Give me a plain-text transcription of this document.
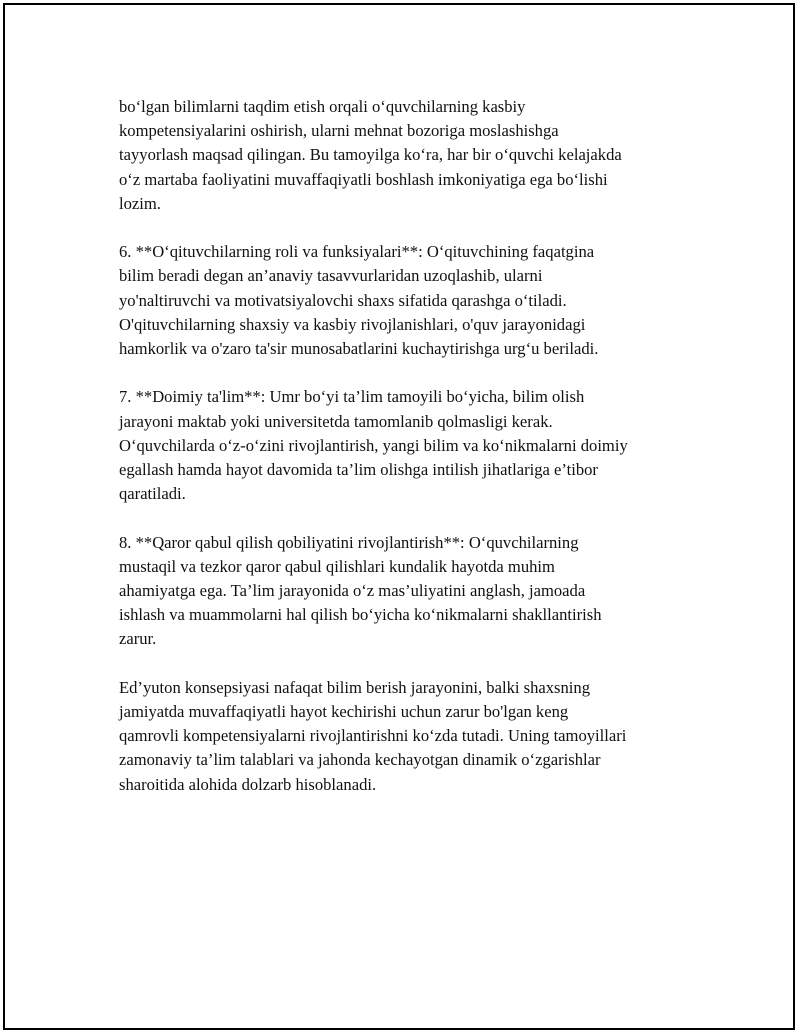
bo‘lgan bilimlarni taqdim etish orqali o‘quvchilarning kasbiy
kompetensiyalarini oshirish, ularni mehnat bozoriga moslashishga
tayyorlash maqsad qilingan. Bu tamoyilga ko‘ra, har bir o‘quvchi kelajakda
o‘z martaba faoliyatini muvaffaqiyatli boshlash imkoniyatiga ega bo‘lishi
lozim.

6. **O‘qituvchilarning roli va funksiyalari**: O‘qituvchining faqatgina
bilim beradi degan an’anaviy tasavvurlaridan uzoqlashib, ularni
yo'naltiruvchi va motivatsiyalovchi shaxs sifatida qarashga o‘tiladi.
O'qituvchilarning shaxsiy va kasbiy rivojlanishlari, o'quv jarayonidagi
hamkorlik va o'zaro ta'sir munosabatlarini kuchaytirishga urg‘u beriladi.

7. **Doimiy ta'lim**: Umr bo‘yi ta’lim tamoyili bo‘yicha, bilim olish
jarayoni maktab yoki universitetda tamomlanib qolmasligi kerak.
O‘quvchilarda o‘z-o‘zini rivojlantirish, yangi bilim va ko‘nikmalarni doimiy
egallash hamda hayot davomida ta’lim olishga intilish jihatlariga e’tibor
qaratiladi.

8. **Qaror qabul qilish qobiliyatini rivojlantirish**: O‘quvchilarning
mustaqil va tezkor qaror qabul qilishlari kundalik hayotda muhim
ahamiyatga ega. Ta’lim jarayonida o‘z mas’uliyatini anglash, jamoada
ishlash va muammolarni hal qilish bo‘yicha ko‘nikmalarni shakllantirish
zarur.

Ed’yuton konsepsiyasi nafaqat bilim berish jarayonini, balki shaxsning
jamiyatda muvaffaqiyatli hayot kechirishi uchun zarur bo'lgan keng
qamrovli kompetensiyalarni rivojlantirishni ko‘zda tutadi. Uning tamoyillari
zamonaviy ta’lim talablari va jahonda kechayotgan dinamik o‘zgarishlar
sharoitida alohida dolzarb hisoblanadi.
